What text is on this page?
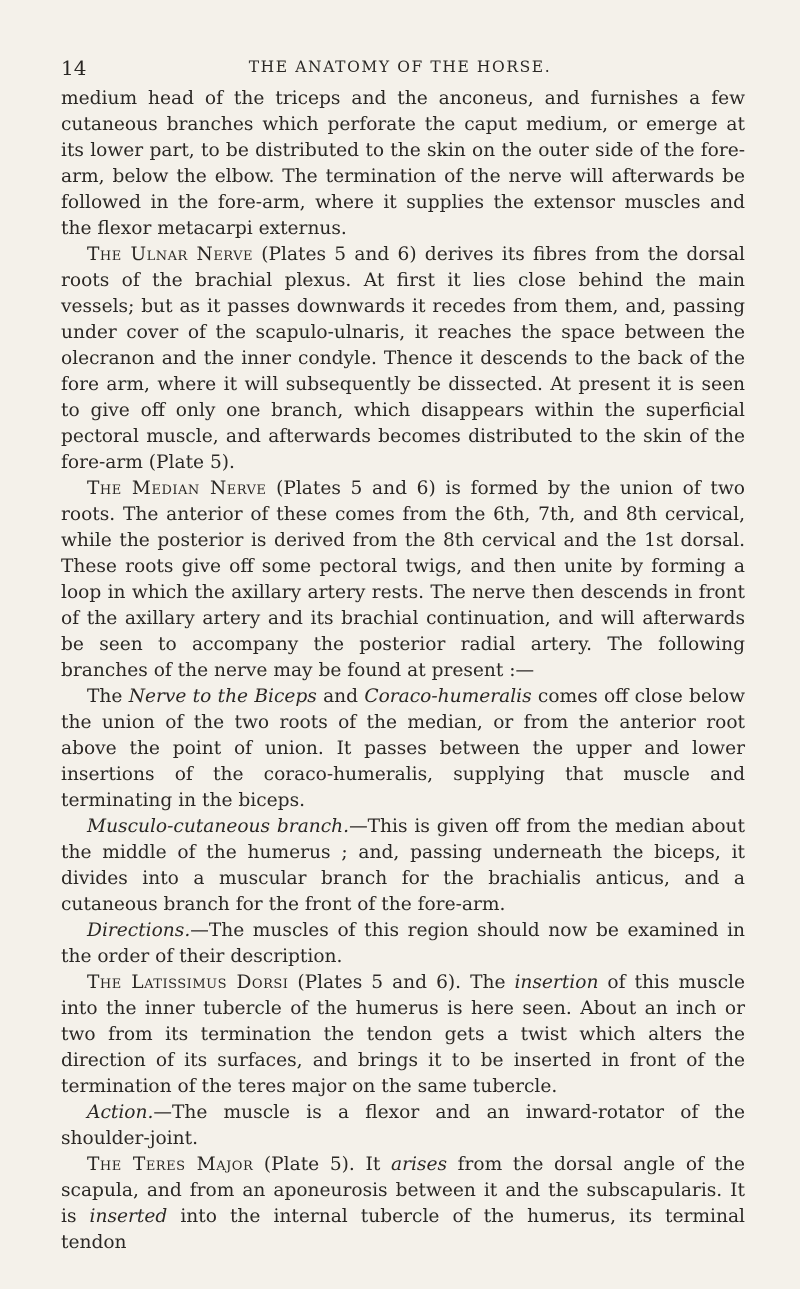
14	THE ANATOMY OF THE HORSE.

medium head of the triceps and the anconeus, and furnishes a few cutaneous branches which perforate the caput medium, or emerge at its lower part, to be distributed to the skin on the outer side of the fore-arm, below the elbow. The termination of the nerve will afterwards be followed in the fore-arm, where it supplies the extensor muscles and the flexor metacarpi externus.

The Ulnar Nerve (Plates 5 and 6) derives its fibres from the dorsal roots of the brachial plexus. At first it lies close behind the main vessels; but as it passes downwards it recedes from them, and, passing under cover of the scapulo-ulnaris, it reaches the space between the olecranon and the inner condyle. Thence it descends to the back of the fore arm, where it will subsequently be dissected. At present it is seen to give off only one branch, which disappears within the superficial pectoral muscle, and afterwards becomes distributed to the skin of the fore-arm (Plate 5).

The Median Nerve (Plates 5 and 6) is formed by the union of two roots. The anterior of these comes from the 6th, 7th, and 8th cervical, while the posterior is derived from the 8th cervical and the 1st dorsal. These roots give off some pectoral twigs, and then unite by forming a loop in which the axillary artery rests. The nerve then descends in front of the axillary artery and its brachial continuation, and will afterwards be seen to accompany the posterior radial artery. The following branches of the nerve may be found at present :—

The Nerve to the Biceps and Coraco-humeralis comes off close below the union of the two roots of the median, or from the anterior root above the point of union. It passes between the upper and lower insertions of the coraco-humeralis, supplying that muscle and terminating in the biceps.

Musculo-cutaneous branch.—This is given off from the median about the middle of the humerus ; and, passing underneath the biceps, it divides into a muscular branch for the brachialis anticus, and a cutaneous branch for the front of the fore-arm.

Directions.—The muscles of this region should now be examined in the order of their description.

The Latissimus Dorsi (Plates 5 and 6). The insertion of this muscle into the inner tubercle of the humerus is here seen. About an inch or two from its termination the tendon gets a twist which alters the direction of its surfaces, and brings it to be inserted in front of the termination of the teres major on the same tubercle.

Action.—The muscle is a flexor and an inward-rotator of the shoulder-joint.

The Teres Major (Plate 5). It arises from the dorsal angle of the scapula, and from an aponeurosis between it and the subscapularis. It is inserted into the internal tubercle of the humerus, its terminal tendon
